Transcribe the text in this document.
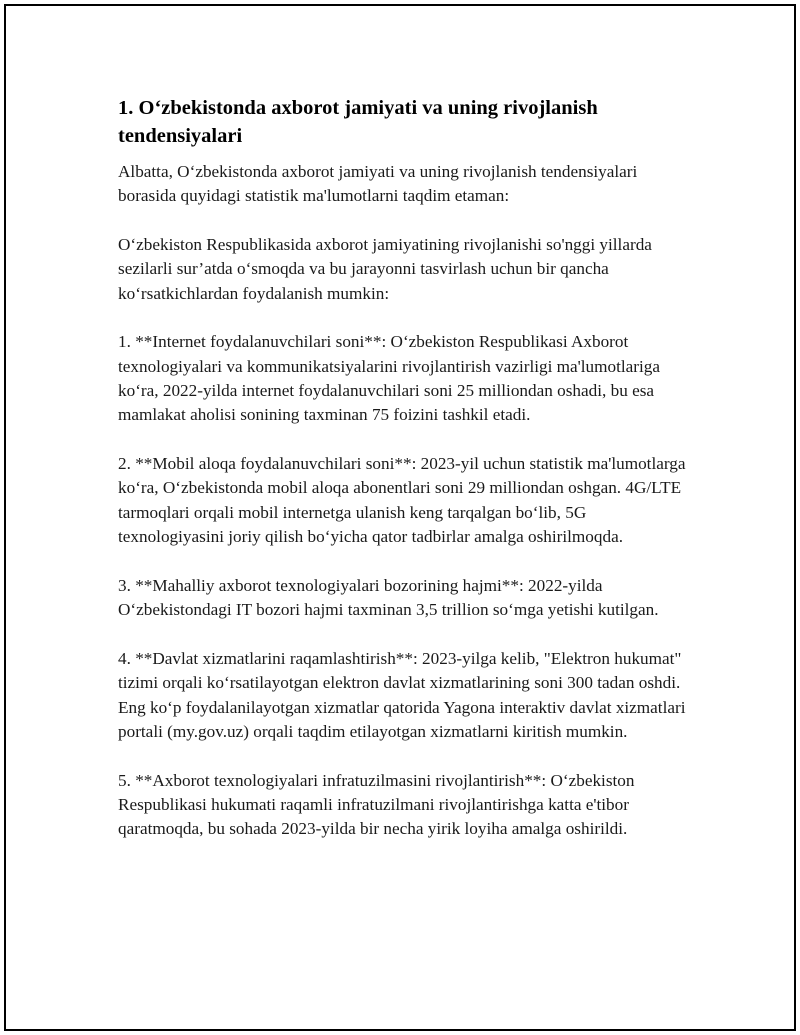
1. O‘zbekistonda axborot jamiyati va uning rivojlanish tendensiyalari

Albatta, O‘zbekistonda axborot jamiyati va uning rivojlanish tendensiyalari borasida quyidagi statistik ma'lumotlarni taqdim etaman:

O‘zbekiston Respublikasida axborot jamiyatining rivojlanishi so'nggi yillarda sezilarli sur’atda o‘smoqda va bu jarayonni tasvirlash uchun bir qancha ko‘rsatkichlardan foydalanish mumkin:

1. **Internet foydalanuvchilari soni**: O‘zbekiston Respublikasi Axborot texnologiyalari va kommunikatsiyalarini rivojlantirish vazirligi ma'lumotlariga ko‘ra, 2022-yilda internet foydalanuvchilari soni 25 milliondan oshadi, bu esa mamlakat aholisi sonining taxminan 75 foizini tashkil etadi.

2. **Mobil aloqa foydalanuvchilari soni**: 2023-yil uchun statistik ma'lumotlarga ko‘ra, O‘zbekistonda mobil aloqa abonentlari soni 29 milliondan oshgan. 4G/LTE tarmoqlari orqali mobil internetga ulanish keng tarqalgan bo‘lib, 5G texnologiyasini joriy qilish bo‘yicha qator tadbirlar amalga oshirilmoqda.

3. **Mahalliy axborot texnologiyalari bozorining hajmi**: 2022-yilda O‘zbekistondagi IT bozori hajmi taxminan 3,5 trillion so‘mga yetishi kutilgan.

4. **Davlat xizmatlarini raqamlashtirish**: 2023-yilga kelib, "Elektron hukumat" tizimi orqali ko‘rsatilayotgan elektron davlat xizmatlarining soni 300 tadan oshdi. Eng ko‘p foydalanilayotgan xizmatlar qatorida Yagona interaktiv davlat xizmatlari portali (my.gov.uz) orqali taqdim etilayotgan xizmatlarni kiritish mumkin.

5. **Axborot texnologiyalari infratuzilmasini rivojlantirish**: O‘zbekiston Respublikasi hukumati raqamli infratuzilmani rivojlantirishga katta e'tibor qaratmoqda, bu sohada 2023-yilda bir necha yirik loyiha amalga oshirildi.
